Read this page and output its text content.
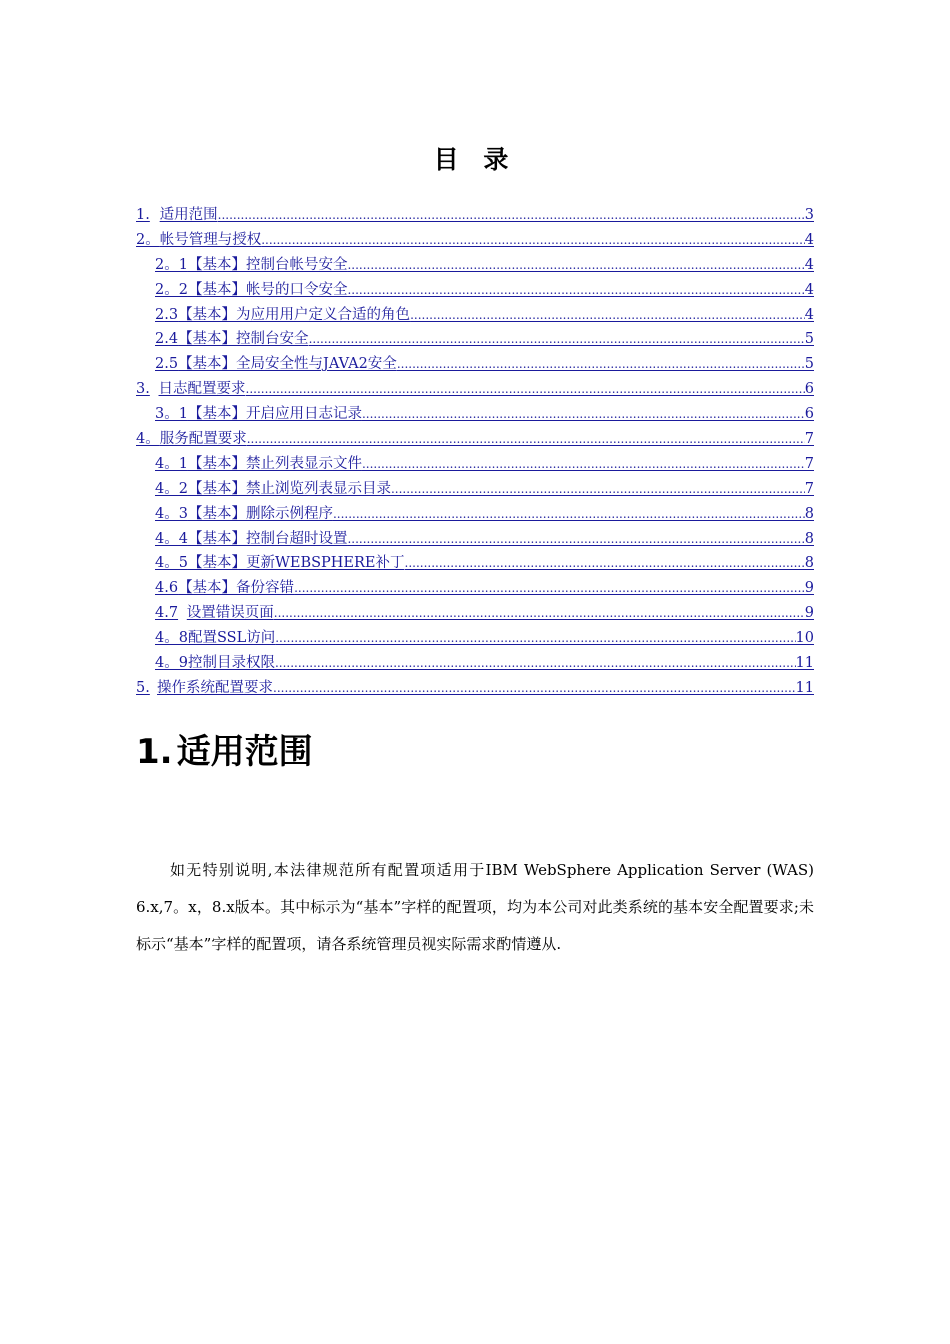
目 录
1. 适用范围 .....	3
2。 帐号管理与授权 .....	4
2。1 【基本】控制台帐号安全 .....	4
2。2 【基本】帐号的口令安全 .....	4
2.3 【基本】为应用用户定义合适的角色 .....	4
2.4 【基本】控制台安全 .....	5
2.5 【基本】全局安全性与JAVA2安全 .....	5
3. 日志配置要求 .....	6
3。1 【基本】开启应用日志记录 .....	6
4。 服务配置要求 .....	7
4。1 【基本】禁止列表显示文件 .....	7
4。2 【基本】禁止浏览列表显示目录 .....	7
4。3 【基本】删除示例程序 .....	8
4。4 【基本】控制台超时设置 .....	8
4。5 【基本】更新WEBSPHERE补丁 .....	8
4.6 【基本】备份容错 .....	9
4.7 设置错误页面 .....	9
4。8 配置SSL访问 .....	10
4。9 控制目录权限 .....	11
5. 操作系统配置要求 .....	11
1. 适用范围
如无特别说明,本法律规范所有配置项适用于IBM WebSphere Application Server (WAS) 6.x,7。x，8.x版本。其中标示为“基本”字样的配置项，均为本公司对此类系统的基本安全配置要求;未标示“基本”字样的配置项，请各系统管理员视实际需求酌情遵从.
